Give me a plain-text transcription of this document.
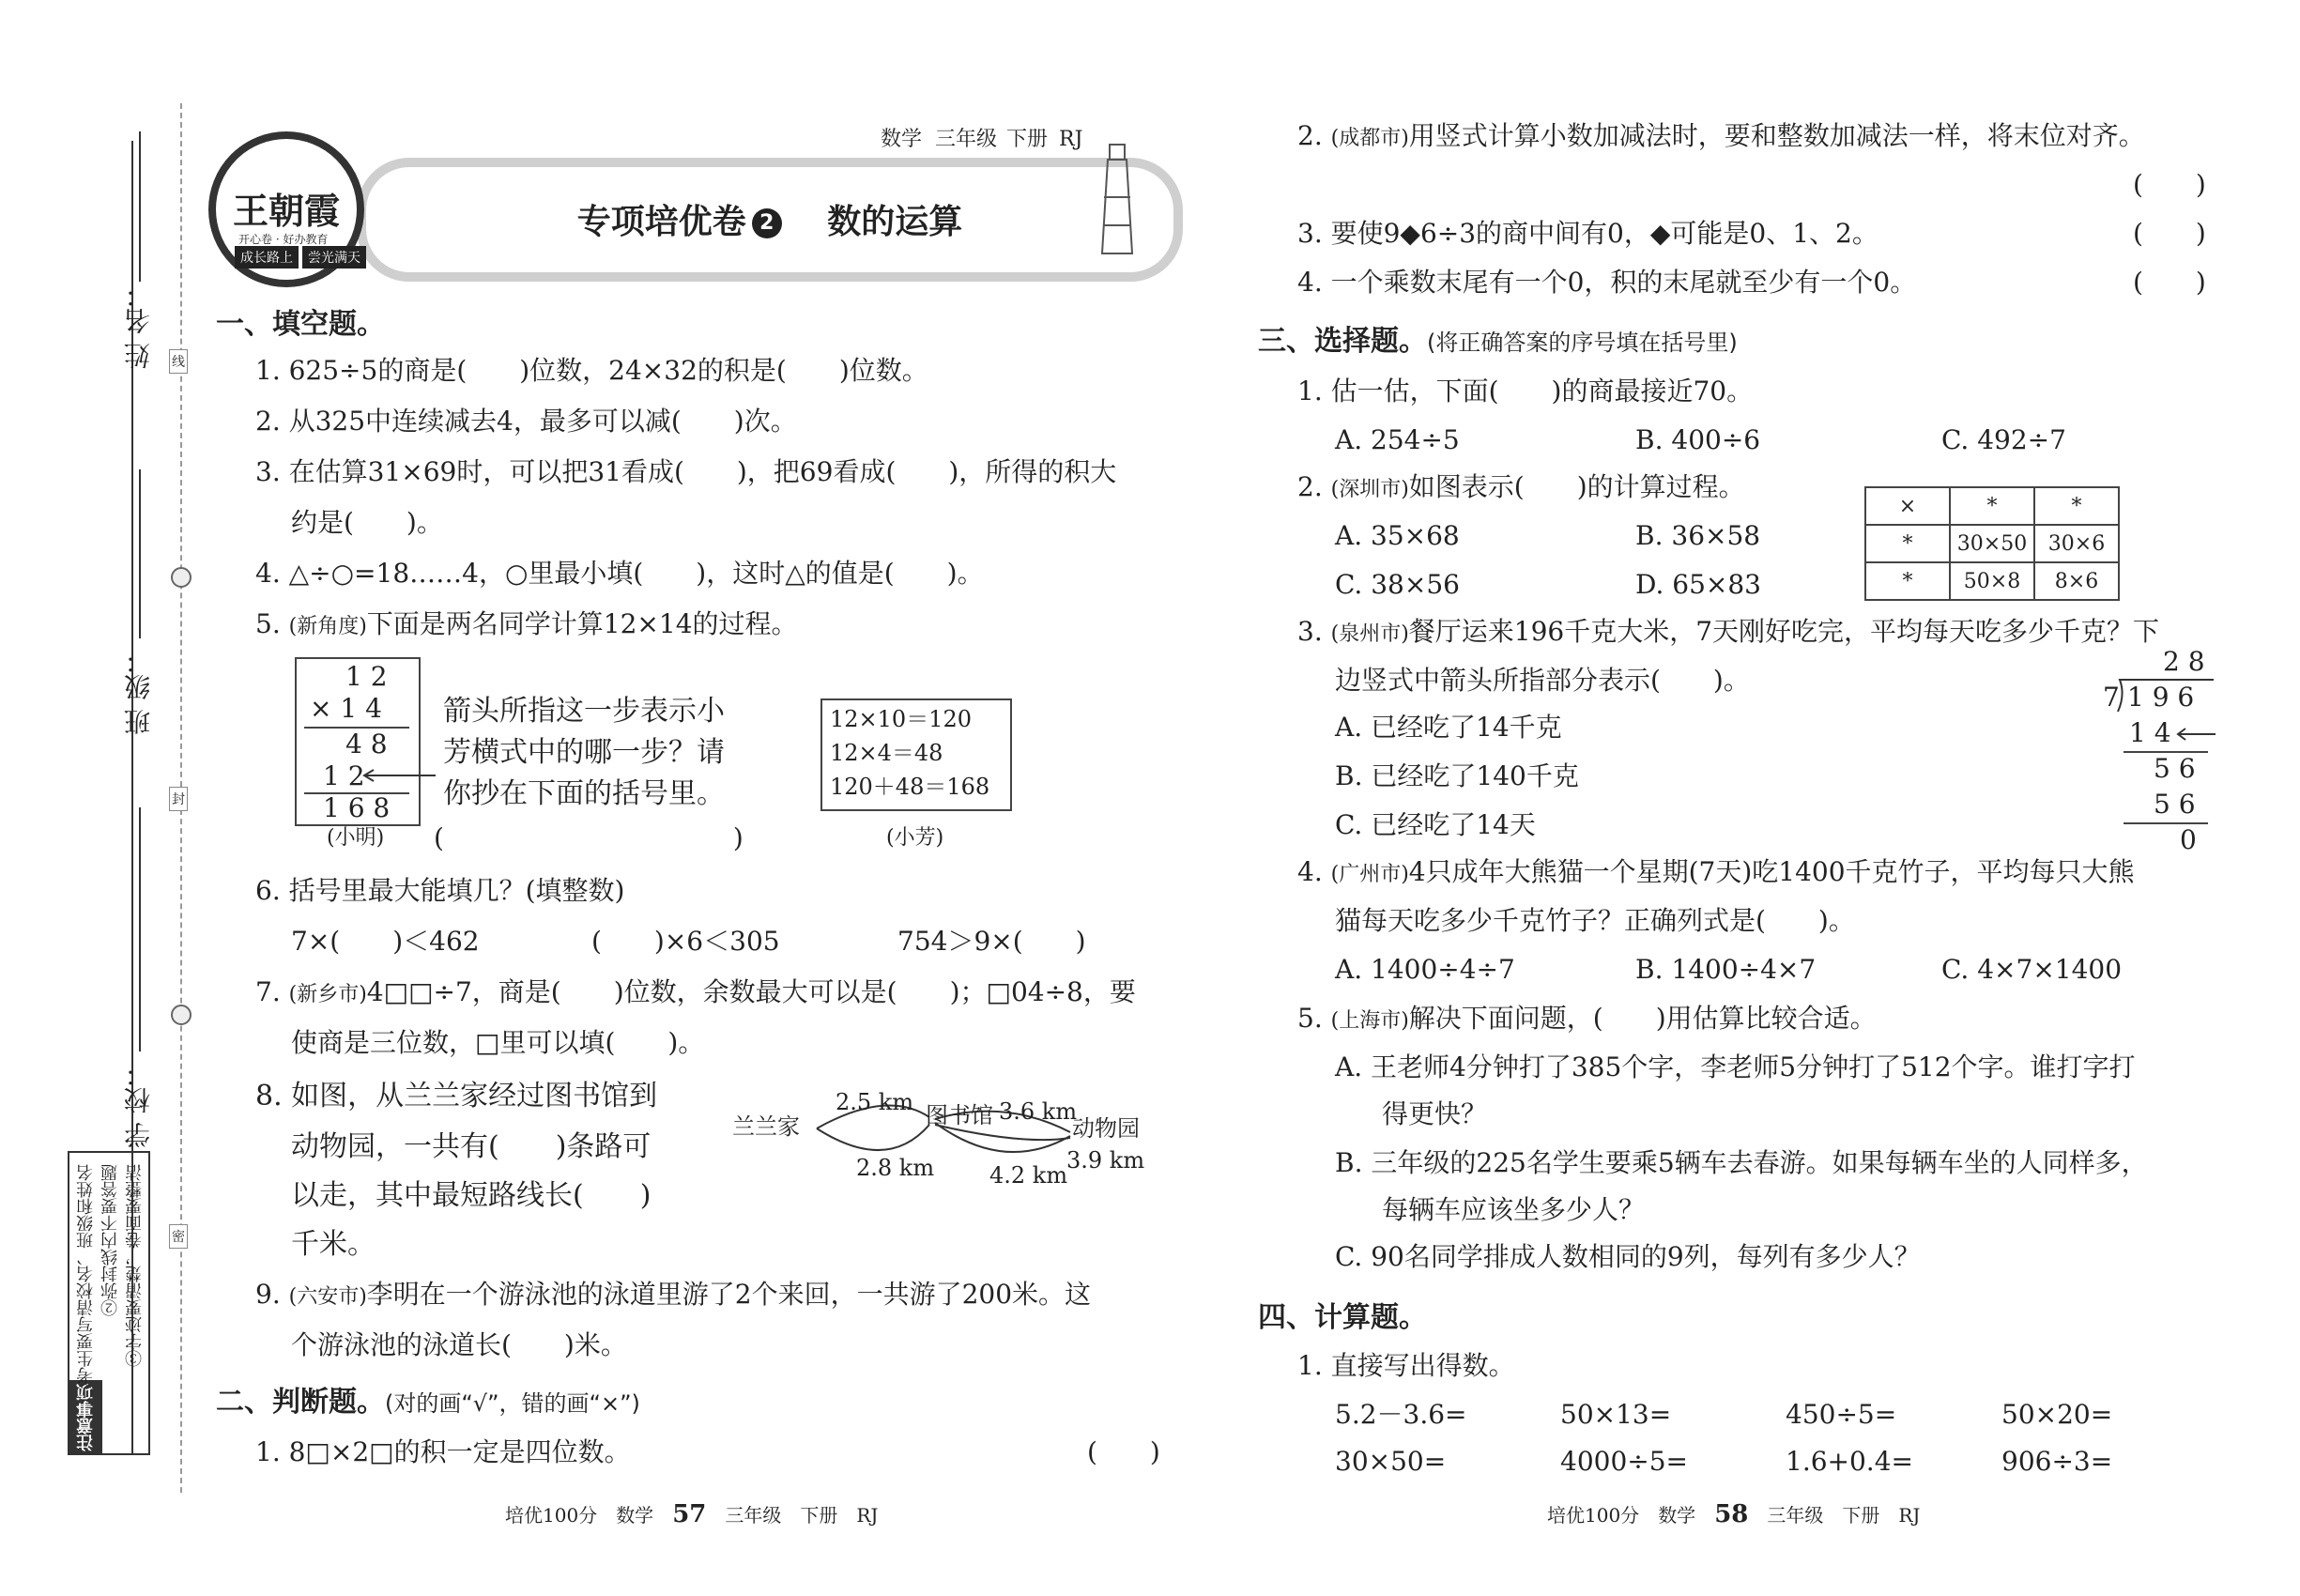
姓 名：
班 级：
学 校：
线
封
密
注意事项
①考生要写清校名、班级和姓名 ②弥封线内不要答题 ③字迹要清楚，卷面要整洁
专项培优卷 2 数的运算
王朝霞
开心卷 · 好办教育
成长路上	尝光满天
数学 三年级 下册 RJ
一、填空题。
1. 625÷5的商是(　　)位数，24×32的积是(　　)位数。
2. 从325中连续减去4，最多可以减(　　)次。
3. 在估算31×69时，可以把31看成(　　)，把69看成(　　)，所得的积大
约是(　　)。
4. △÷○=18……4，○里最小填(　　)，这时△的值是(　　)。
5. (新角度)下面是两名同学计算12×14的过程。
1 2
× 1 4
4 8
1 2
1 6 8
箭头所指这一步表示小
芳横式中的哪一步？请
你抄在下面的括号里。
12×10＝120
12×4＝48
120＋48＝168
(小明)	(小芳)
(　　　　　　　　　　　)
6. 括号里最大能填几？(填整数)
7×(　　)＜462	(　　)×6＜305	754＞9×(　　)
7. (新乡市)4□□÷7，商是(　　)位数，余数最大可以是(　　)；□04÷8，要
使商是三位数，□里可以填(　　)。
8. 如图，从兰兰家经过图书馆到
动物园，一共有(　　)条路可
以走，其中最短路线长(　　)
千米。
兰兰家	图书馆	动物园
2.5 km
2.8 km
3.6 km
4.2 km
3.9 km
9. (六安市)李明在一个游泳池的泳道里游了2个来回，一共游了200米。这
个游泳池的泳道长(　　)米。
二、判断题。(对的画“√”，错的画“×”)
1. 8□×2□的积一定是四位数。	(　　)
培优100分　 数学　 57　 三年级　 下册　 RJ
2. (成都市)用竖式计算小数加减法时，要和整数加减法一样，将末位对齐。
(　　)
3. 要使9◆6÷3的商中间有0，◆可能是0、1、2。	(　　)
4. 一个乘数末尾有一个0，积的末尾就至少有一个0。	(　　)
三、选择题。(将正确答案的序号填在括号里)
1. 估一估，下面(　　)的商最接近70。
A. 254÷5	B. 400÷6	C. 492÷7
2. (深圳市)如图表示(　　)的计算过程。
A. 35×68	B. 36×58
C. 38×56	D. 65×83
×	*	*
*	30×50	30×6
*	50×8	8×6
3. (泉州市)餐厅运来196千克大米，7天刚好吃完，平均每天吃多少千克？下
边竖式中箭头所指部分表示(　　)。
A. 已经吃了14千克
B. 已经吃了140千克
C. 已经吃了14天
2 8
7 1 9 6
1 4
5 6
5 6
0
4. (广州市)4只成年大熊猫一个星期(7天)吃1400千克竹子，平均每只大熊
猫每天吃多少千克竹子？正确列式是(　　)。
A. 1400÷4÷7	B. 1400÷4×7	C. 4×7×1400
5. (上海市)解决下面问题，(　　)用估算比较合适。
A. 王老师4分钟打了385个字，李老师5分钟打了512个字。谁打字打
得更快？
B. 三年级的225名学生要乘5辆车去春游。如果每辆车坐的人同样多，
每辆车应该坐多少人？
C. 90名同学排成人数相同的9列，每列有多少人？
四、计算题。
1. 直接写出得数。
5.2－3.6=	50×13=	450÷5=	50×20=
30×50=	4000÷5=	1.6+0.4=	906÷3=
培优100分　 数学　 58　 三年级　 下册　 RJ
